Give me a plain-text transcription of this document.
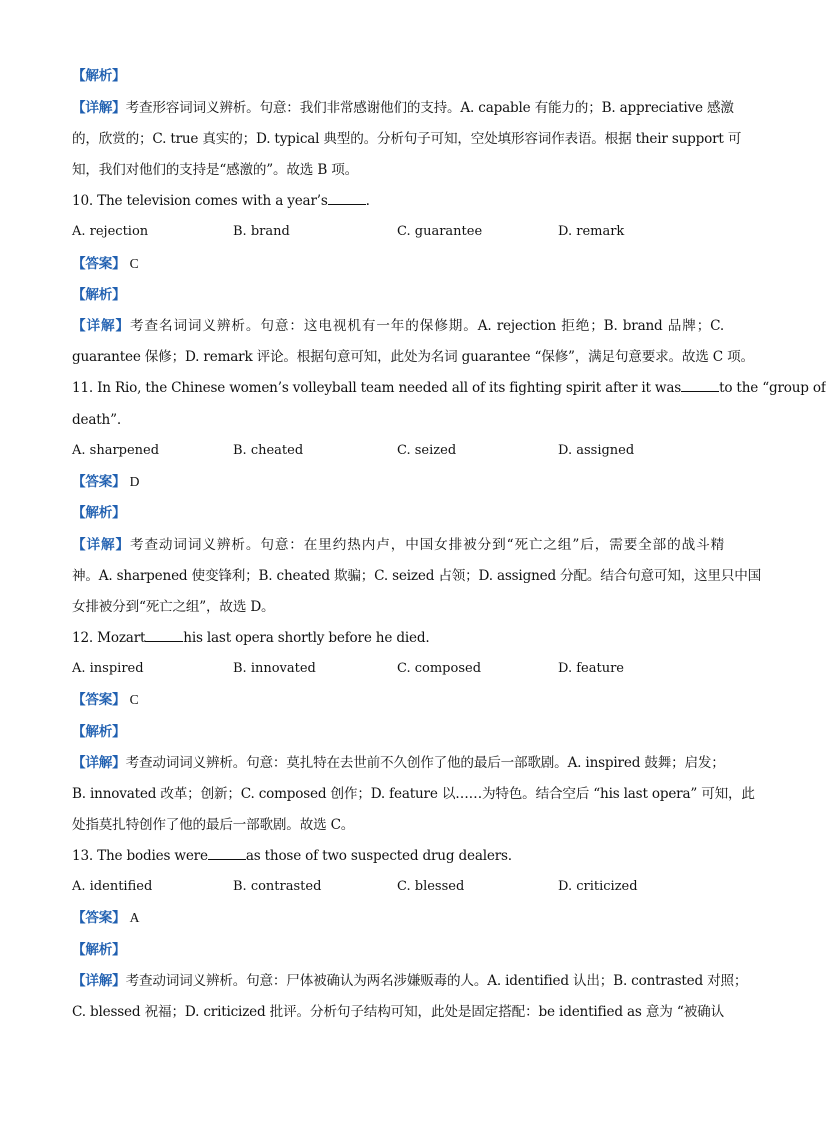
【解析】
【详解】考查形容词词义辨析。句意：我们非常感谢他们的支持。A. capable 有能力的；B. appreciative 感激
的，欣赏的；C. true 真实的；D. typical 典型的。分析句子可知，空处填形容词作表语。根据 their support 可
知，我们对他们的支持是“感激的”。故选 B 项。
10. The television comes with a year’s	.
A. rejection	B. brand	C. guarantee	D. remark
【答案】 C
【解析】
【详解】考查名词词义辨析。句意：这电视机有一年的保修期。A. rejection 拒绝；B. brand 品牌；C.
guarantee 保修；D. remark 评论。根据句意可知，此处为名词 guarantee “保修”，满足句意要求。故选 C 项。
11. In Rio, the Chinese women’s volleyball team needed all of its fighting spirit after it was	to the “group of
death”.
A. sharpened	B. cheated	C. seized	D. assigned
【答案】 D
【解析】
【详解】考查动词词义辨析。句意：在里约热内卢，中国女排被分到“死亡之组”后，需要全部的战斗精
神。A. sharpened 使变锋利；B. cheated 欺骗；C. seized 占领；D. assigned 分配。结合句意可知，这里只中国
女排被分到“死亡之组”，故选 D。
12. Mozart	his last opera shortly before he died.
A. inspired	B. innovated	C. composed	D. feature
【答案】 C
【解析】
【详解】考查动词词义辨析。句意：莫扎特在去世前不久创作了他的最后一部歌剧。A. inspired 鼓舞；启发；
B. innovated 改革；创新；C. composed 创作；D. feature 以……为特色。结合空后 “his last opera” 可知，此
处指莫扎特创作了他的最后一部歌剧。故选 C。
13. The bodies were	as those of two suspected drug dealers.
A. identified	B. contrasted	C. blessed	D. criticized
【答案】 A
【解析】
【详解】考查动词词义辨析。句意：尸体被确认为两名涉嫌贩毒的人。A. identified 认出；B. contrasted 对照；
C. blessed 祝福；D. criticized 批评。分析句子结构可知，此处是固定搭配：be identified as 意为 “被确认
